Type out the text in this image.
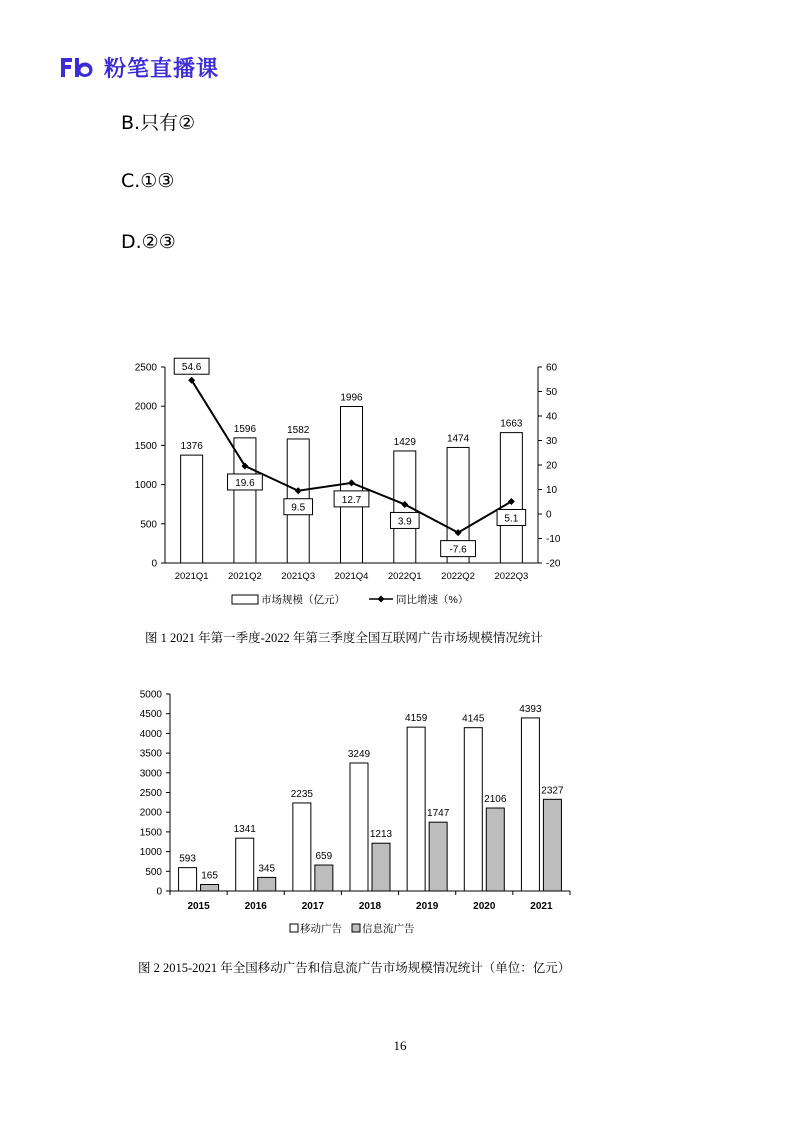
粉笔直播课
B.只有②
C.①③
D.②③
0
500
1000
1500
2000
2500
-20
-10
0
10
20
30
40
50
60
1376
2021Q1
1596
2021Q2
1582
2021Q3
1996
2021Q4
1429
2022Q1
1474
2022Q2
1663
2022Q3
54.6
19.6
9.5
12.7
3.9
-7.6
5.1
市场规模（亿元）	同比增速（%）
图 1 2021 年第一季度-2022 年第三季度全国互联网广告市场规模情况统计
0
500
1000
1500
2000
2500
3000
3500
4000
4500
5000
593
165
2015
1341
345
2016
2235
659
2017
3249
1213
2018
4159
1747
2019
4145
2106
2020
4393
2327
2021
移动广告 信息流广告
图 2 2015-2021 年全国移动广告和信息流广告市场规模情况统计（单位：亿元）
16
